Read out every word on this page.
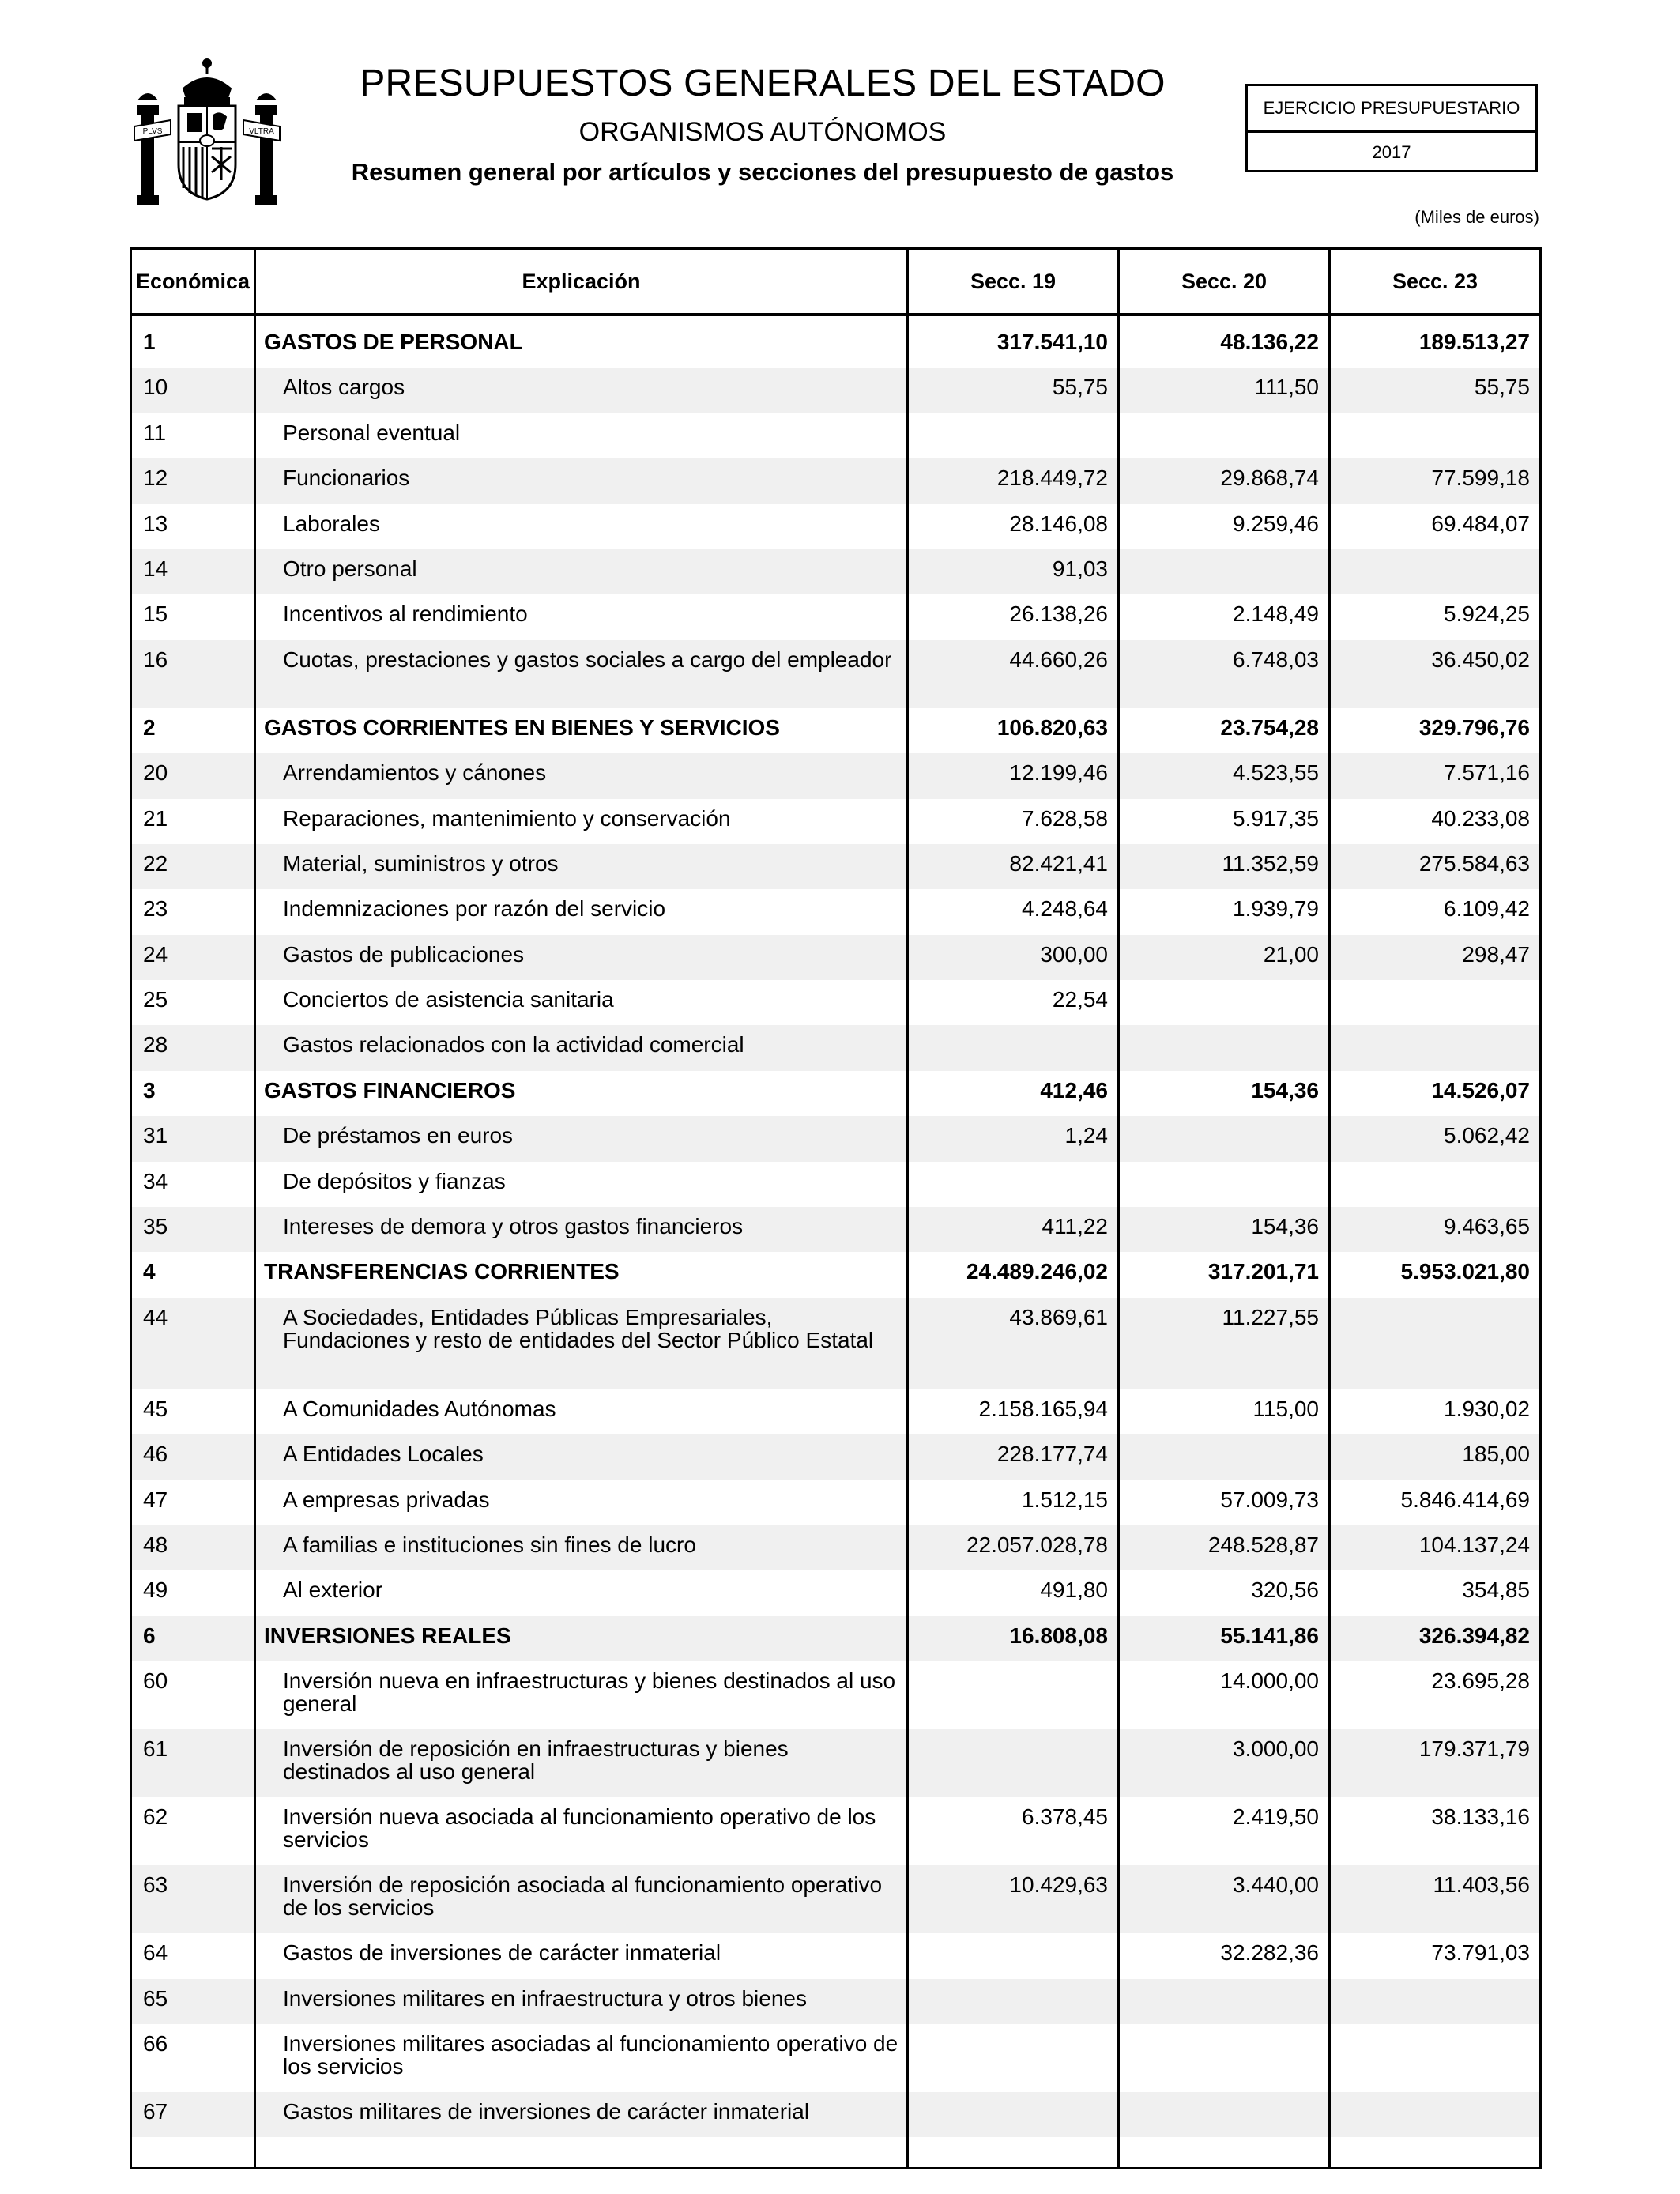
PLVS	VLTRA
PRESUPUESTOS GENERALES DEL ESTADO
ORGANISMOS AUTÓNOMOS
Resumen general por artículos y secciones del presupuesto de gastos
EJERCICIO PRESUPUESTARIO
2017
(Miles de euros)
Económica	Explicación	Secc. 19	Secc. 20	Secc. 23
1	GASTOS DE PERSONAL	317.541,10	48.136,22	189.513,27
10	Altos cargos	55,75	111,50	55,75
11	Personal eventual			
12	Funcionarios	218.449,72	29.868,74	77.599,18
13	Laborales	28.146,08	9.259,46	69.484,07
14	Otro personal	91,03		
15	Incentivos al rendimiento	26.138,26	2.148,49	5.924,25
16	Cuotas, prestaciones y gastos sociales a cargo del empleador	44.660,26	6.748,03	36.450,02
2	GASTOS CORRIENTES EN BIENES Y SERVICIOS	106.820,63	23.754,28	329.796,76
20	Arrendamientos y cánones	12.199,46	4.523,55	7.571,16
21	Reparaciones, mantenimiento y conservación	7.628,58	5.917,35	40.233,08
22	Material, suministros y otros	82.421,41	11.352,59	275.584,63
23	Indemnizaciones por razón del servicio	4.248,64	1.939,79	6.109,42
24	Gastos de publicaciones	300,00	21,00	298,47
25	Conciertos de asistencia sanitaria	22,54		
28	Gastos relacionados con la actividad comercial			
3	GASTOS FINANCIEROS	412,46	154,36	14.526,07
31	De préstamos en euros	1,24		5.062,42
34	De depósitos y fianzas			
35	Intereses de demora y otros gastos financieros	411,22	154,36	9.463,65
4	TRANSFERENCIAS CORRIENTES	24.489.246,02	317.201,71	5.953.021,80
44	A Sociedades, Entidades Públicas Empresariales, Fundaciones y resto de entidades del Sector Público Estatal	43.869,61	11.227,55	
45	A Comunidades Autónomas	2.158.165,94	115,00	1.930,02
46	A Entidades Locales	228.177,74		185,00
47	A empresas privadas	1.512,15	57.009,73	5.846.414,69
48	A familias e instituciones sin fines de lucro	22.057.028,78	248.528,87	104.137,24
49	Al exterior	491,80	320,56	354,85
6	INVERSIONES REALES	16.808,08	55.141,86	326.394,82
60	Inversión nueva en infraestructuras y bienes destinados al uso general		14.000,00	23.695,28
61	Inversión de reposición en infraestructuras y bienes destinados al uso general		3.000,00	179.371,79
62	Inversión nueva asociada al funcionamiento operativo de los servicios	6.378,45	2.419,50	38.133,16
63	Inversión de reposición asociada al funcionamiento operativo de los servicios	10.429,63	3.440,00	11.403,56
64	Gastos de inversiones de carácter inmaterial		32.282,36	73.791,03
65	Inversiones militares en infraestructura y otros bienes			
66	Inversiones militares asociadas al funcionamiento operativo de los servicios			
67	Gastos militares de inversiones de carácter inmaterial			
